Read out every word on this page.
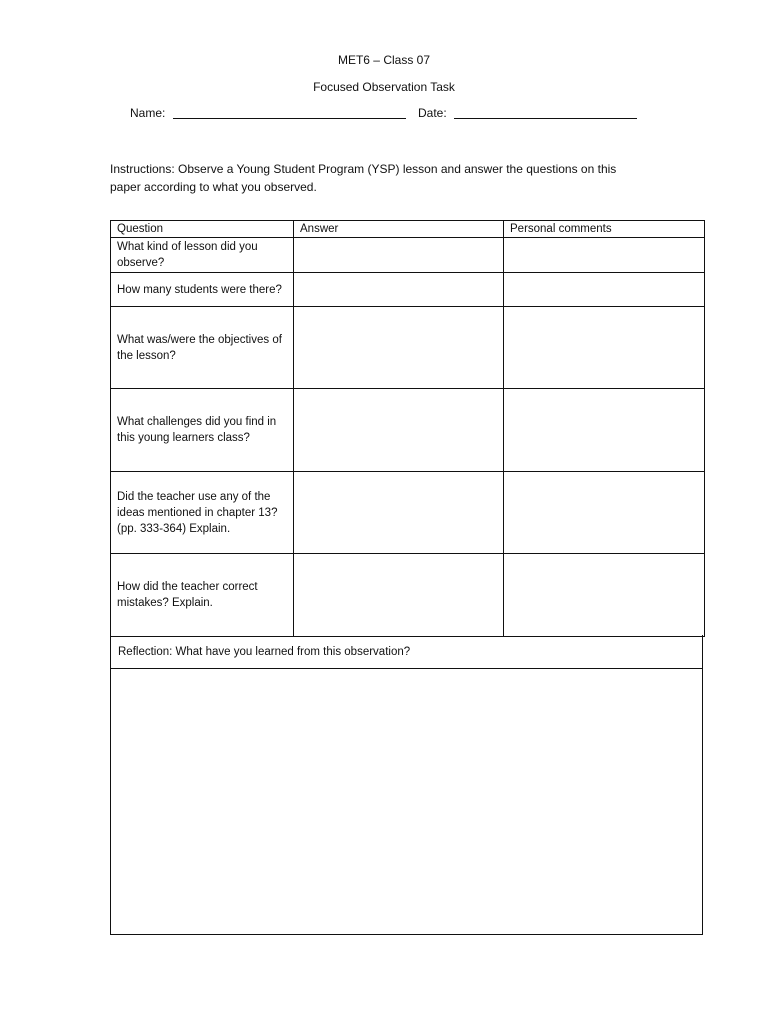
MET6 – Class 07
Focused Observation Task
Name:	Date:
Instructions: Observe a Young Student Program (YSP) lesson and answer the questions on this
paper according to what you observed.
Question	Answer	Personal comments
What kind of lesson did you observe?		
How many students were there?		
What was/were the objectives of the lesson?		
What challenges did you find in this young learners class?		
Did the teacher use any of the ideas mentioned in chapter 13? (pp. 333-364) Explain.		
How did the teacher correct mistakes? Explain.		
Reflection: What have you learned from this observation?
